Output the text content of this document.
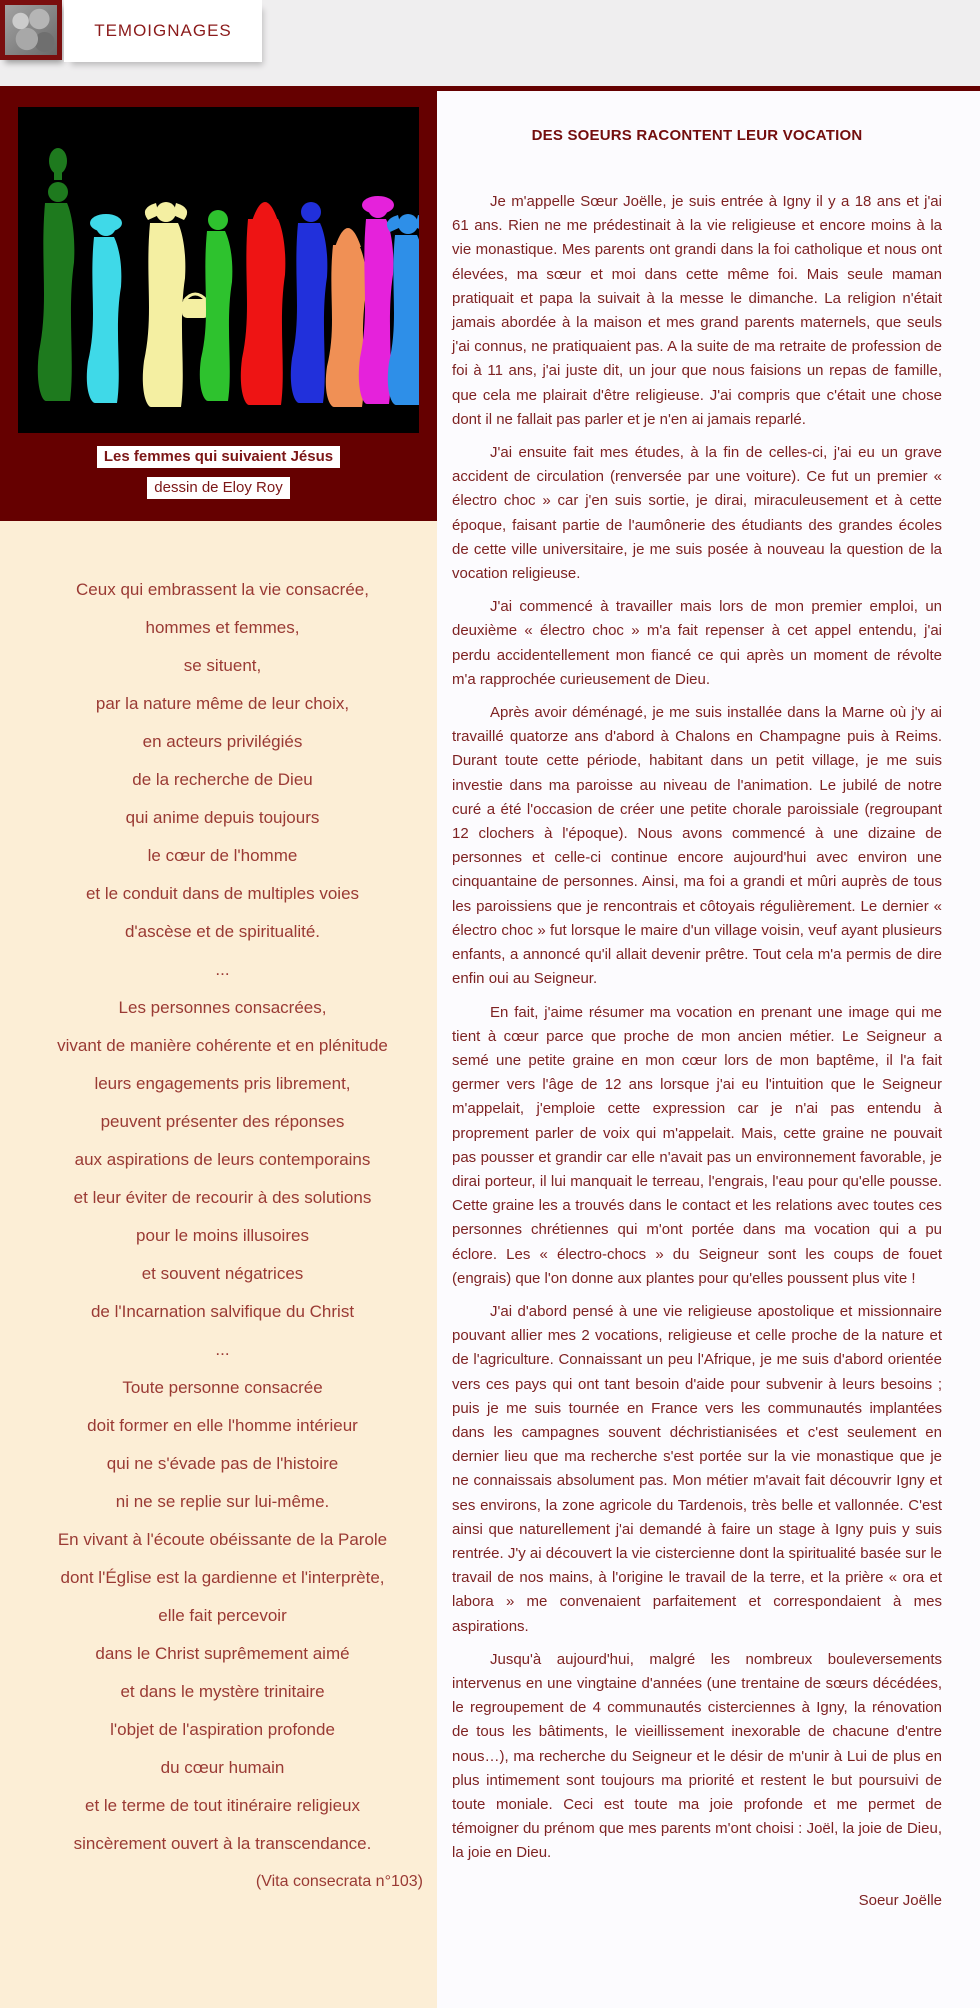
TEMOIGNAGES
Les femmes qui suivaient Jésus
dessin de Eloy Roy
Ceux qui embrassent la vie consacrée,
hommes et femmes,
se situent,
par la nature même de leur choix,
en acteurs privilégiés
de la recherche de Dieu
qui anime depuis toujours
le cœur de l'homme
et le conduit dans de multiples voies
d'ascèse et de spiritualité.
...
Les personnes consacrées,
vivant de manière cohérente et en plénitude
leurs engagements pris librement,
peuvent présenter des réponses
aux aspirations de leurs contemporains
et leur éviter de recourir à des solutions
pour le moins illusoires
et souvent négatrices
de l'Incarnation salvifique du Christ
...
Toute personne consacrée
doit former en elle l'homme intérieur
qui ne s'évade pas de l'histoire
ni ne se replie sur lui-même.
En vivant à l'écoute obéissante de la Parole
dont l'Église est la gardienne et l'interprète,
elle fait percevoir
dans le Christ suprêmement aimé
et dans le mystère trinitaire
l'objet de l'aspiration profonde
du cœur humain
et le terme de tout itinéraire religieux
sincèrement ouvert à la transcendance.
(Vita consecrata n°103)
DES SOEURS RACONTENT LEUR VOCATION

Je m'appelle Sœur Joëlle, je suis entrée à Igny il y a 18 ans et j'ai 61 ans. Rien ne me prédestinait à la vie religieuse et encore moins à la vie monastique. Mes parents ont grandi dans la foi catholique et nous ont élevées, ma sœur et moi dans cette même foi. Mais seule maman pratiquait et papa la suivait à la messe le dimanche. La religion n'était jamais abordée à la maison et mes grand parents maternels, que seuls j'ai connus, ne pratiquaient pas. A la suite de ma retraite de profession de foi à 11 ans, j'ai juste dit, un jour que nous faisions un repas de famille, que cela me plairait d'être religieuse. J'ai compris que c'était une chose dont il ne fallait pas parler et je n'en ai jamais reparlé.

J'ai ensuite fait mes études, à la fin de celles-ci, j'ai eu un grave accident de circulation (renversée par une voiture). Ce fut un premier « électro choc » car j'en suis sortie, je dirai, miraculeusement et à cette époque, faisant partie de l'aumônerie des étudiants des grandes écoles de cette ville universitaire, je me suis posée à nouveau la question de la vocation religieuse.

J'ai commencé à travailler mais lors de mon premier emploi, un deuxième « électro choc » m'a fait repenser à cet appel entendu, j'ai perdu accidentellement mon fiancé ce qui après un moment de révolte m'a rapprochée curieusement de Dieu.

Après avoir déménagé, je me suis installée dans la Marne où j'y ai travaillé quatorze ans d'abord à Chalons en Champagne puis à Reims. Durant toute cette période, habitant dans un petit village, je me suis investie dans ma paroisse au niveau de l'animation. Le jubilé de notre curé a été l'occasion de créer une petite chorale paroissiale (regroupant 12 clochers à l'époque). Nous avons commencé à une dizaine de personnes et celle-ci continue encore aujourd'hui avec environ une cinquantaine de personnes. Ainsi, ma foi a grandi et mûri auprès de tous les paroissiens que je rencontrais et côtoyais régulièrement. Le dernier « électro choc » fut lorsque le maire d'un village voisin, veuf ayant plusieurs enfants, a annoncé qu'il allait devenir prêtre. Tout cela m'a permis de dire enfin oui au Seigneur.

En fait, j'aime résumer ma vocation en prenant une image qui me tient à cœur parce que proche de mon ancien métier. Le Seigneur a semé une petite graine en mon cœur lors de mon baptême, il l'a fait germer vers l'âge de 12 ans lorsque j'ai eu l'intuition que le Seigneur m'appelait, j'emploie cette expression car je n'ai pas entendu à proprement parler de voix qui m'appelait. Mais, cette graine ne pouvait pas pousser et grandir car elle n'avait pas un environnement favorable, je dirai porteur, il lui manquait le terreau, l'engrais, l'eau pour qu'elle pousse. Cette graine les a trouvés dans le contact et les relations avec toutes ces personnes chrétiennes qui m'ont portée dans ma vocation qui a pu éclore. Les « électro-chocs » du Seigneur sont les coups de fouet (engrais) que l'on donne aux plantes pour qu'elles poussent plus vite !

J'ai d'abord pensé à une vie religieuse apostolique et missionnaire pouvant allier mes 2 vocations, religieuse et celle proche de la nature et de l'agriculture. Connaissant un peu l'Afrique, je me suis d'abord orientée vers ces pays qui ont tant besoin d'aide pour subvenir à leurs besoins ; puis je me suis tournée en France vers les communautés implantées dans les campagnes souvent déchristianisées et c'est seulement en dernier lieu que ma recherche s'est portée sur la vie monastique que je ne connaissais absolument pas. Mon métier m'avait fait découvrir Igny et ses environs, la zone agricole du Tardenois, très belle et vallonnée. C'est ainsi que naturellement j'ai demandé à faire un stage à Igny puis y suis rentrée. J'y ai découvert la vie cistercienne dont la spiritualité basée sur le travail de nos mains, à l'origine le travail de la terre, et la prière « ora et labora » me convenaient parfaitement et correspondaient à mes aspirations.

Jusqu'à aujourd'hui, malgré les nombreux bouleversements intervenus en une vingtaine d'années (une trentaine de sœurs décédées, le regroupement de 4 communautés cisterciennes à Igny, la rénovation de tous les bâtiments, le vieillissement inexorable de chacune d'entre nous…), ma recherche du Seigneur et le désir de m'unir à Lui de plus en plus intimement sont toujours ma priorité et restent le but poursuivi de toute moniale. Ceci est toute ma joie profonde et me permet de témoigner du prénom que mes parents m'ont choisi : Joël, la joie de Dieu, la joie en Dieu.

Soeur Joëlle
